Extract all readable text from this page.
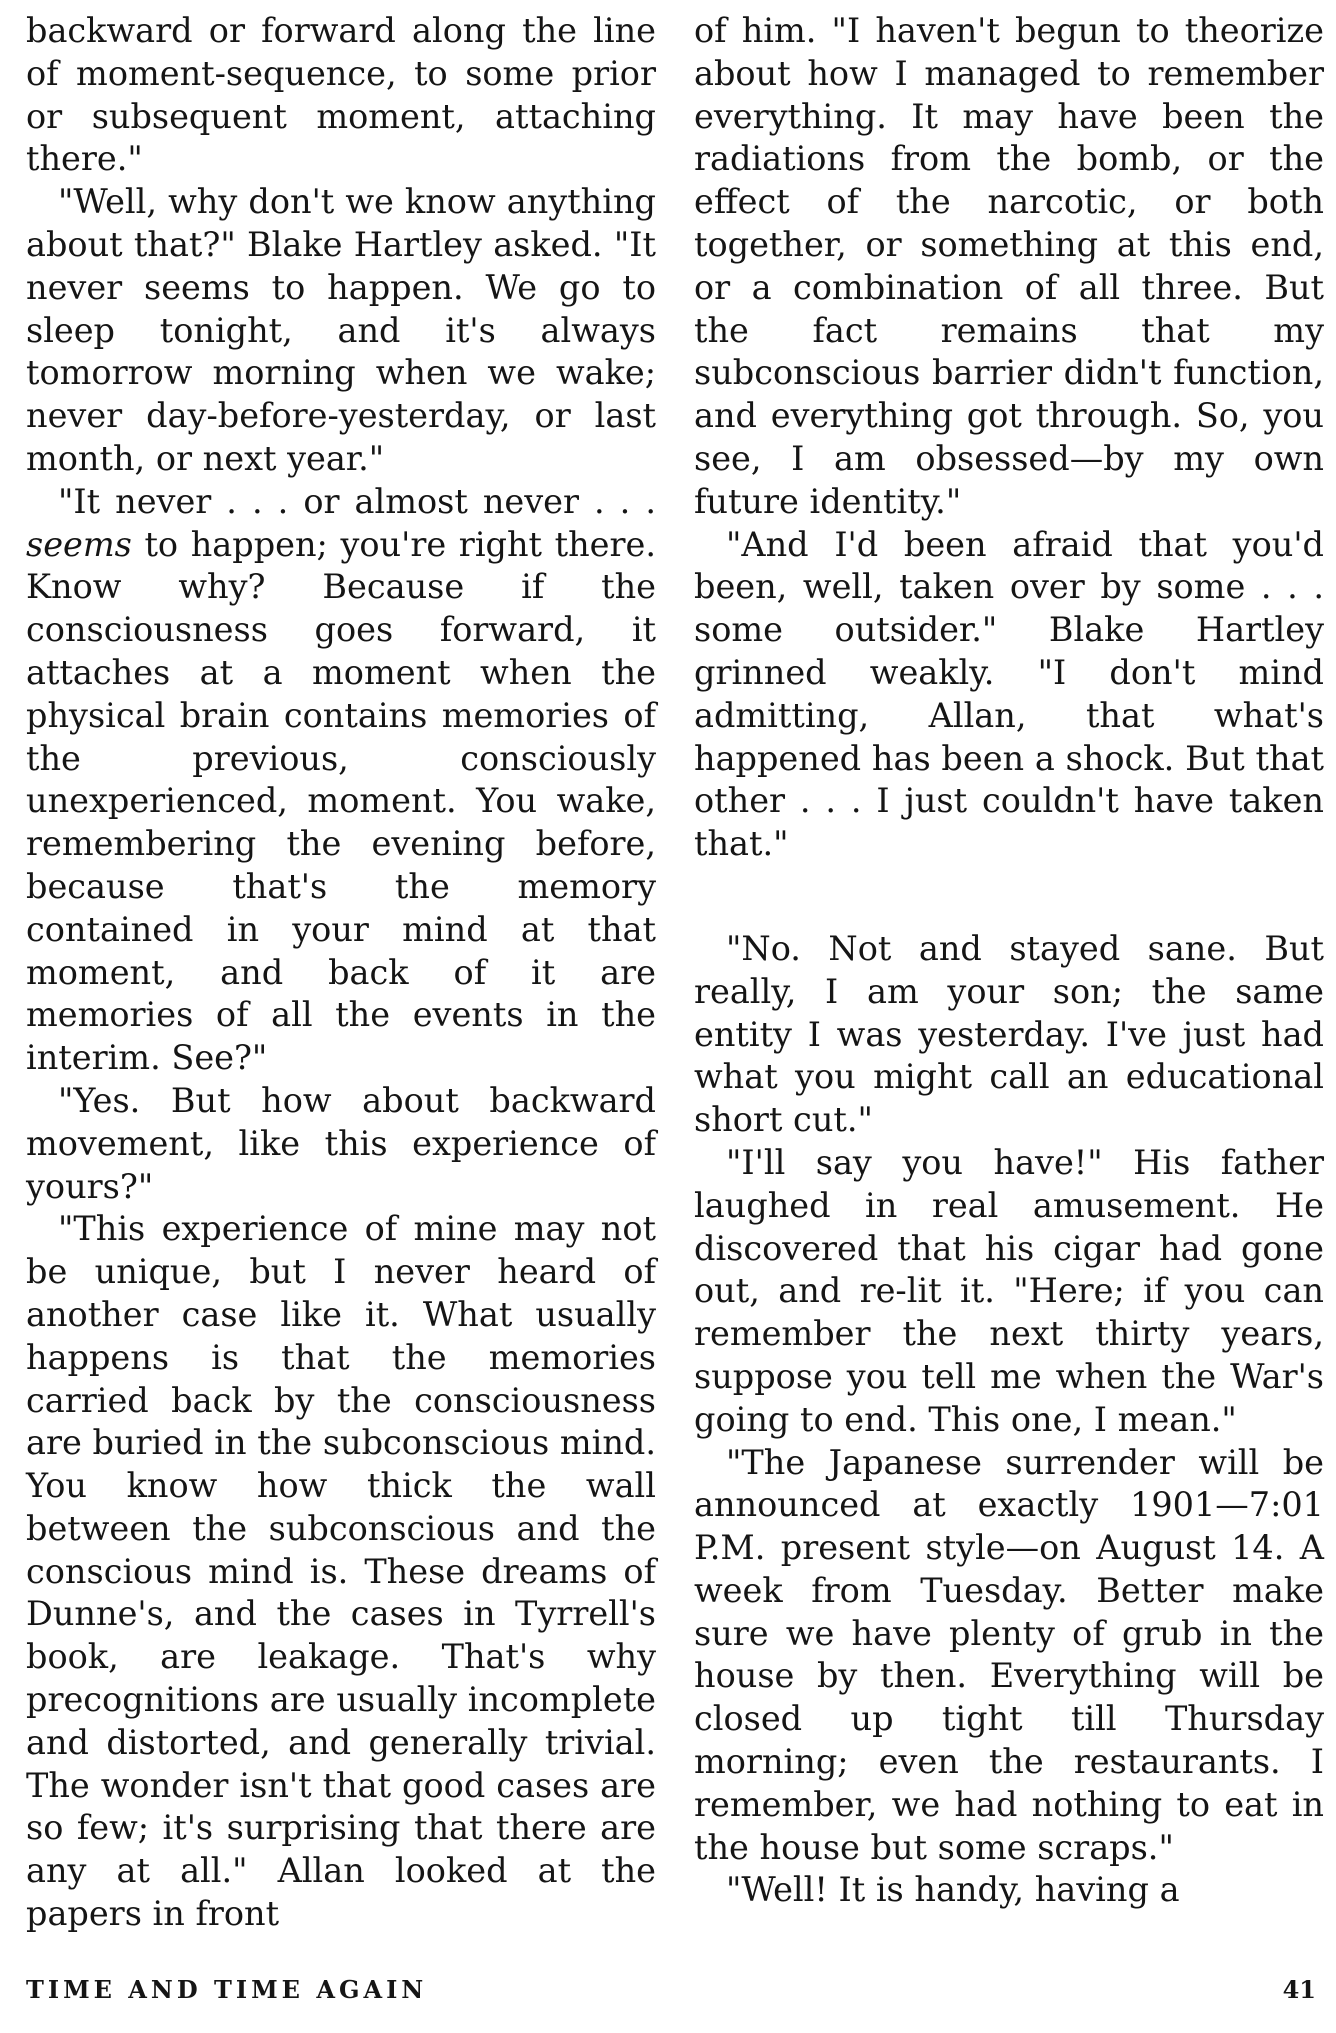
backward or forward along the line of moment-sequence, to some prior or subsequent moment, attaching there."

"Well, why don't we know anything about that?" Blake Hartley asked. "It never seems to happen. We go to sleep tonight, and it's always tomorrow morning when we wake; never day-before-yesterday, or last month, or next year."

"It never . . . or almost never . . . seems to happen; you're right there. Know why? Because if the consciousness goes forward, it attaches at a moment when the physical brain contains memories of the previous, consciously unexperienced, moment. You wake, remembering the evening before, because that's the memory contained in your mind at that moment, and back of it are memories of all the events in the interim. See?"

"Yes. But how about backward movement, like this experience of yours?"

"This experience of mine may not be unique, but I never heard of another case like it. What usually happens is that the memories carried back by the consciousness are buried in the subconscious mind. You know how thick the wall between the subconscious and the conscious mind is. These dreams of Dunne's, and the cases in Tyrrell's book, are leakage. That's why precognitions are usually incomplete and distorted, and generally trivial. The wonder isn't that good cases are so few; it's surprising that there are any at all." Allan looked at the papers in front

of him. "I haven't begun to theorize about how I managed to remember everything. It may have been the radiations from the bomb, or the effect of the narcotic, or both together, or something at this end, or a combination of all three. But the fact remains that my subconscious barrier didn't function, and everything got through. So, you see, I am obsessed—by my own future identity."

"And I'd been afraid that you'd been, well, taken over by some . . . some outsider." Blake Hartley grinned weakly. "I don't mind admitting, Allan, that what's happened has been a shock. But that other . . . I just couldn't have taken that."

"No. Not and stayed sane. But really, I am your son; the same entity I was yesterday. I've just had what you might call an educational short cut."

"I'll say you have!" His father laughed in real amusement. He discovered that his cigar had gone out, and re-lit it. "Here; if you can remember the next thirty years, suppose you tell me when the War's going to end. This one, I mean."

"The Japanese surrender will be announced at exactly 1901—7:01 P.M. present style—on August 14. A week from Tuesday. Better make sure we have plenty of grub in the house by then. Everything will be closed up tight till Thursday morning; even the restaurants. I remember, we had nothing to eat in the house but some scraps."

"Well! It is handy, having a

TIME AND TIME AGAIN	41
